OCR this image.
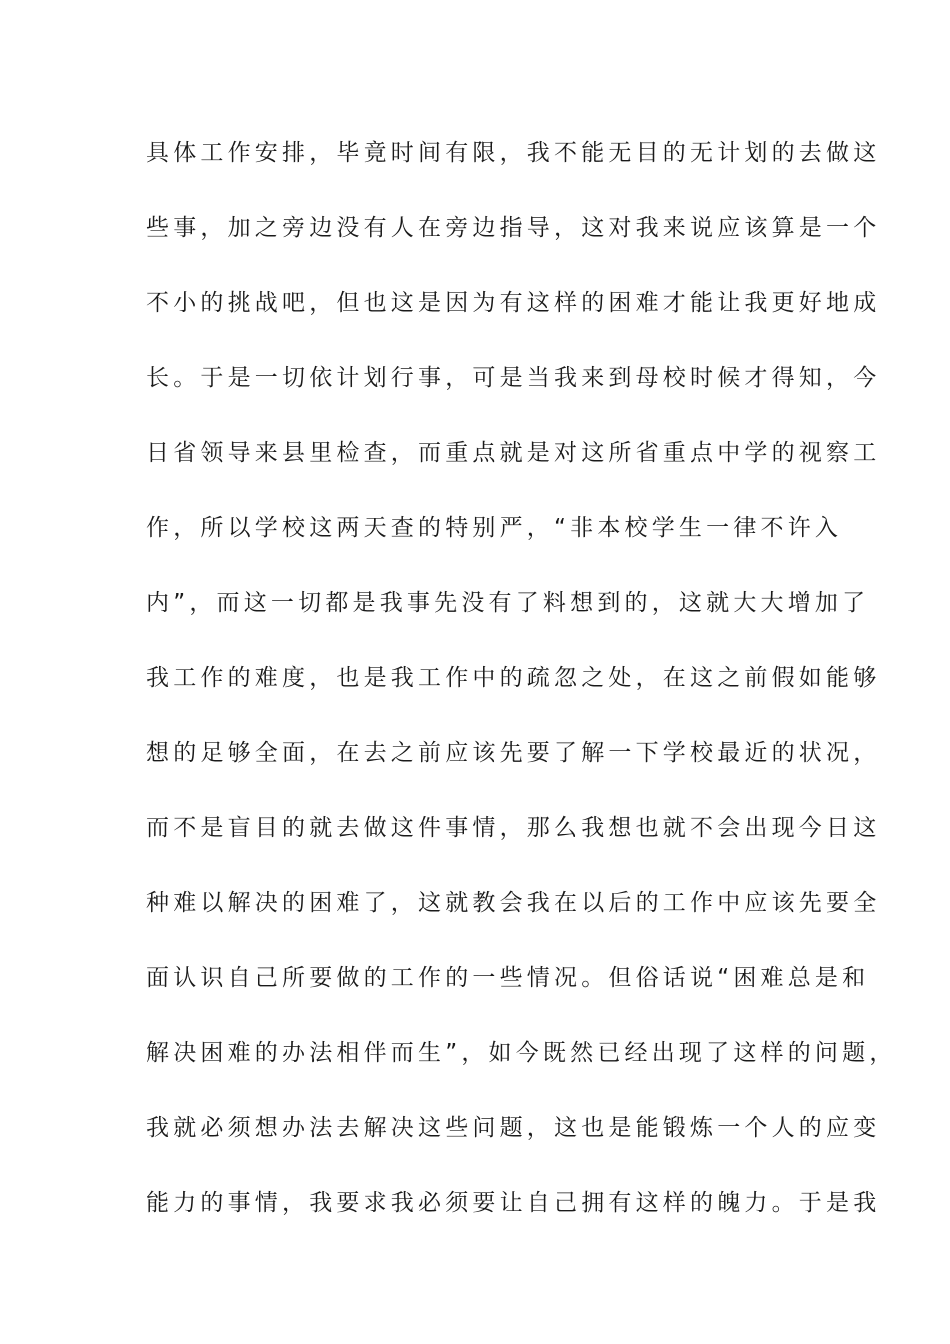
具体工作安排，毕竟时间有限，我不能无目的无计划的去做这
些事，加之旁边没有人在旁边指导，这对我来说应该算是一个
不小的挑战吧，但也这是因为有这样的困难才能让我更好地成
长。于是一切依计划行事，可是当我来到母校时候才得知，今
日省领导来县里检查，而重点就是对这所省重点中学的视察工
作，所以学校这两天查的特别严，“非本校学生一律不许入
内”，而这一切都是我事先没有了料想到的，这就大大增加了
我工作的难度，也是我工作中的疏忽之处，在这之前假如能够
想的足够全面，在去之前应该先要了解一下学校最近的状况，
而不是盲目的就去做这件事情，那么我想也就不会出现今日这
种难以解决的困难了，这就教会我在以后的工作中应该先要全
面认识自己所要做的工作的一些情况。但俗话说“困难总是和
解决困难的办法相伴而生”，如今既然已经出现了这样的问题，
我就必须想办法去解决这些问题，这也是能锻炼一个人的应变
能力的事情，我要求我必须要让自己拥有这样的魄力。于是我
